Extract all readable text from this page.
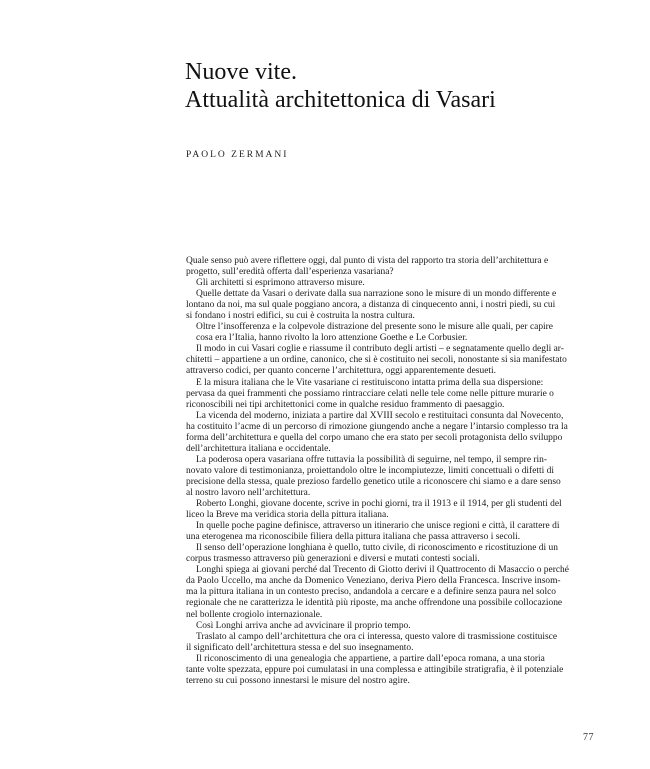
Nuove vite.
Attualità architettonica di Vasari

PAOLO ZERMANI

Quale senso può avere riflettere oggi, dal punto di vista del rapporto tra storia dell’architettura e
progetto, sull’eredità offerta dall’esperienza vasariana?
Gli architetti si esprimono attraverso misure.
Quelle dettate da Vasari o derivate dalla sua narrazione sono le misure di un mondo differente e
lontano da noi, ma sul quale poggiano ancora, a distanza di cinquecento anni, i nostri piedi, su cui
si fondano i nostri edifici, su cui è costruita la nostra cultura.
Oltre l’insofferenza e la colpevole distrazione del presente sono le misure alle quali, per capire
cosa era l’Italia, hanno rivolto la loro attenzione Goethe e Le Corbusier.
Il modo in cui Vasari coglie e riassume il contributo degli artisti – e segnatamente quello degli ar-
chitetti – appartiene a un ordine, canonico, che si è costituito nei secoli, nonostante si sia manifestato
attraverso codici, per quanto concerne l’architettura, oggi apparentemente desueti.
È la misura italiana che le Vite vasariane ci restituiscono intatta prima della sua dispersione:
pervasa da quei frammenti che possiamo rintracciare celati nelle tele come nelle pitture murarie o
riconoscibili nei tipi architettonici come in qualche residuo frammento di paesaggio.
La vicenda del moderno, iniziata a partire dal XVIII secolo e restituitaci consunta dal Novecento,
ha costituito l’acme di un percorso di rimozione giungendo anche a negare l’intarsio complesso tra la
forma dell’architettura e quella del corpo umano che era stato per secoli protagonista dello sviluppo
dell’architettura italiana e occidentale.
La poderosa opera vasariana offre tuttavia la possibilità di seguirne, nel tempo, il sempre rin-
novato valore di testimonianza, proiettandolo oltre le incompiutezze, limiti concettuali o difetti di
precisione della stessa, quale prezioso fardello genetico utile a riconoscere chi siamo e a dare senso
al nostro lavoro nell’architettura.
Roberto Longhi, giovane docente, scrive in pochi giorni, tra il 1913 e il 1914, per gli studenti del
liceo la Breve ma veridica storia della pittura italiana.
In quelle poche pagine definisce, attraverso un itinerario che unisce regioni e città, il carattere di
una eterogenea ma riconoscibile filiera della pittura italiana che passa attraverso i secoli.
Il senso dell’operazione longhiana è quello, tutto civile, di riconoscimento e ricostituzione di un
corpus trasmesso attraverso più generazioni e diversi e mutati contesti sociali.
Longhi spiega ai giovani perché dal Trecento di Giotto derivi il Quattrocento di Masaccio o perché
da Paolo Uccello, ma anche da Domenico Veneziano, deriva Piero della Francesca. Inscrive insom-
ma la pittura italiana in un contesto preciso, andandola a cercare e a definire senza paura nel solco
regionale che ne caratterizza le identità più riposte, ma anche offrendone una possibile collocazione
nel bollente crogiolo internazionale.
Così Longhi arriva anche ad avvicinare il proprio tempo.
Traslato al campo dell’architettura che ora ci interessa, questo valore di trasmissione costituisce
il significato dell’architettura stessa e del suo insegnamento.
Il riconoscimento di una genealogia che appartiene, a partire dall’epoca romana, a una storia
tante volte spezzata, eppure poi cumulatasi in una complessa e attingibile stratigrafia, è il potenziale
terreno su cui possono innestarsi le misure del nostro agire.
77
